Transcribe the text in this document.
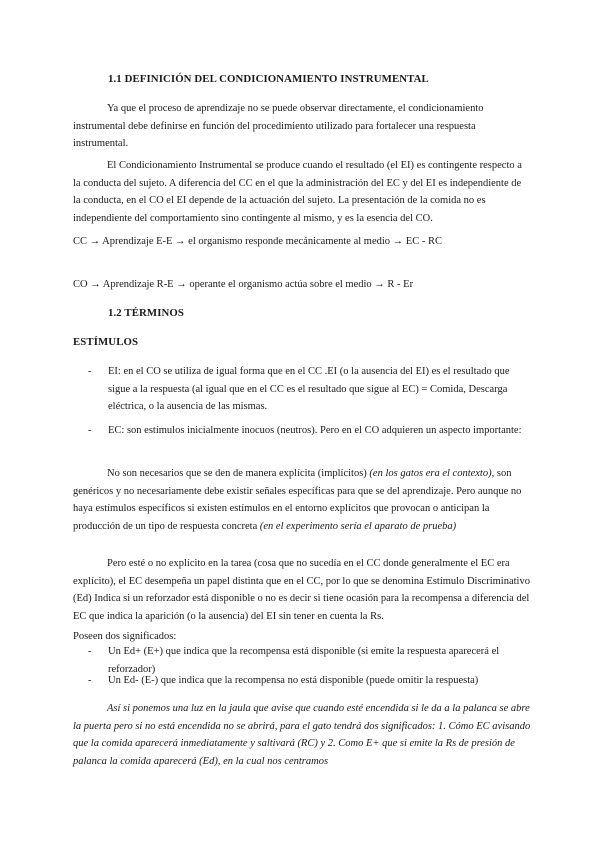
1.1 DEFINICIÓN DEL CONDICIONAMIENTO INSTRUMENTAL

Ya que el proceso de aprendizaje no se puede observar directamente, el condicionamiento instrumental debe definirse en función del procedimiento utilizado para fortalecer una respuesta instrumental.

El Condicionamiento Instrumental se produce cuando el resultado (el EI) es contingente respecto a la conducta del sujeto. A diferencia del CC en el que la administración del EC y del EI es independiente de la conducta, en el CO el EI depende de la actuación del sujeto. La presentación de la comida no es independiente del comportamiento sino contingente al mismo, y es la esencia del CO.

CC → Aprendizaje E-E → el organismo responde mecánicamente al medio → EC - RC
CO → Aprendizaje R-E → operante el organismo actúa sobre el medio → R - Er
1.2 TÉRMINOS
ESTÍMULOS
- EI: en el CO se utiliza de igual forma que en el CC .EI (o la ausencia del EI) es el resultado que sigue a la respuesta (al igual que en el CC es el resultado que sigue al EC) = Comida, Descarga eléctrica, o la ausencia de las mismas.

- EC: son estímulos inicialmente inocuos (neutros). Pero en el CO adquieren un aspecto importante:

No son necesarios que se den de manera explícita (implícitos) (en los gatos era el contexto), son genéricos y no necesariamente debe existir señales específicas para que se del aprendizaje. Pero aunque no haya estímulos específicos si existen estímulos en el entorno explícitos que provocan o anticipan la producción de un tipo de respuesta concreta (en el experimento sería el aparato de prueba)

Pero esté o no explícito en la tarea (cosa que no sucedía en el CC donde generalmente el EC era explícito), el EC desempeña un papel distinta que en el CC, por lo que se denomina Estímulo Discriminativo (Ed) Indica si un reforzador está disponible o no es decir si tiene ocasión para la recompensa a diferencia del EC que indica la aparición (o la ausencia) del EI sin tener en cuenta la Rs.

Poseen dos significados:
- Un Ed+ (E+) que indica que la recompensa está disponible (si emite la respuesta aparecerá el reforzador)

- Un Ed- (E-) que indica que la recompensa no está disponible (puede omitir la respuesta)

Así si ponemos una luz en la jaula que avise que cuando esté encendida si le da a la palanca se abre la puerta pero si no está encendida no se abrirá, para el gato tendrá dos significados: 1. Cómo EC avisando que la comida aparecerá inmediatamente y saltivará (RC) y 2. Como E+ que si emite la Rs de presión de palanca la comida aparecerá (Ed), en la cual nos centramos
